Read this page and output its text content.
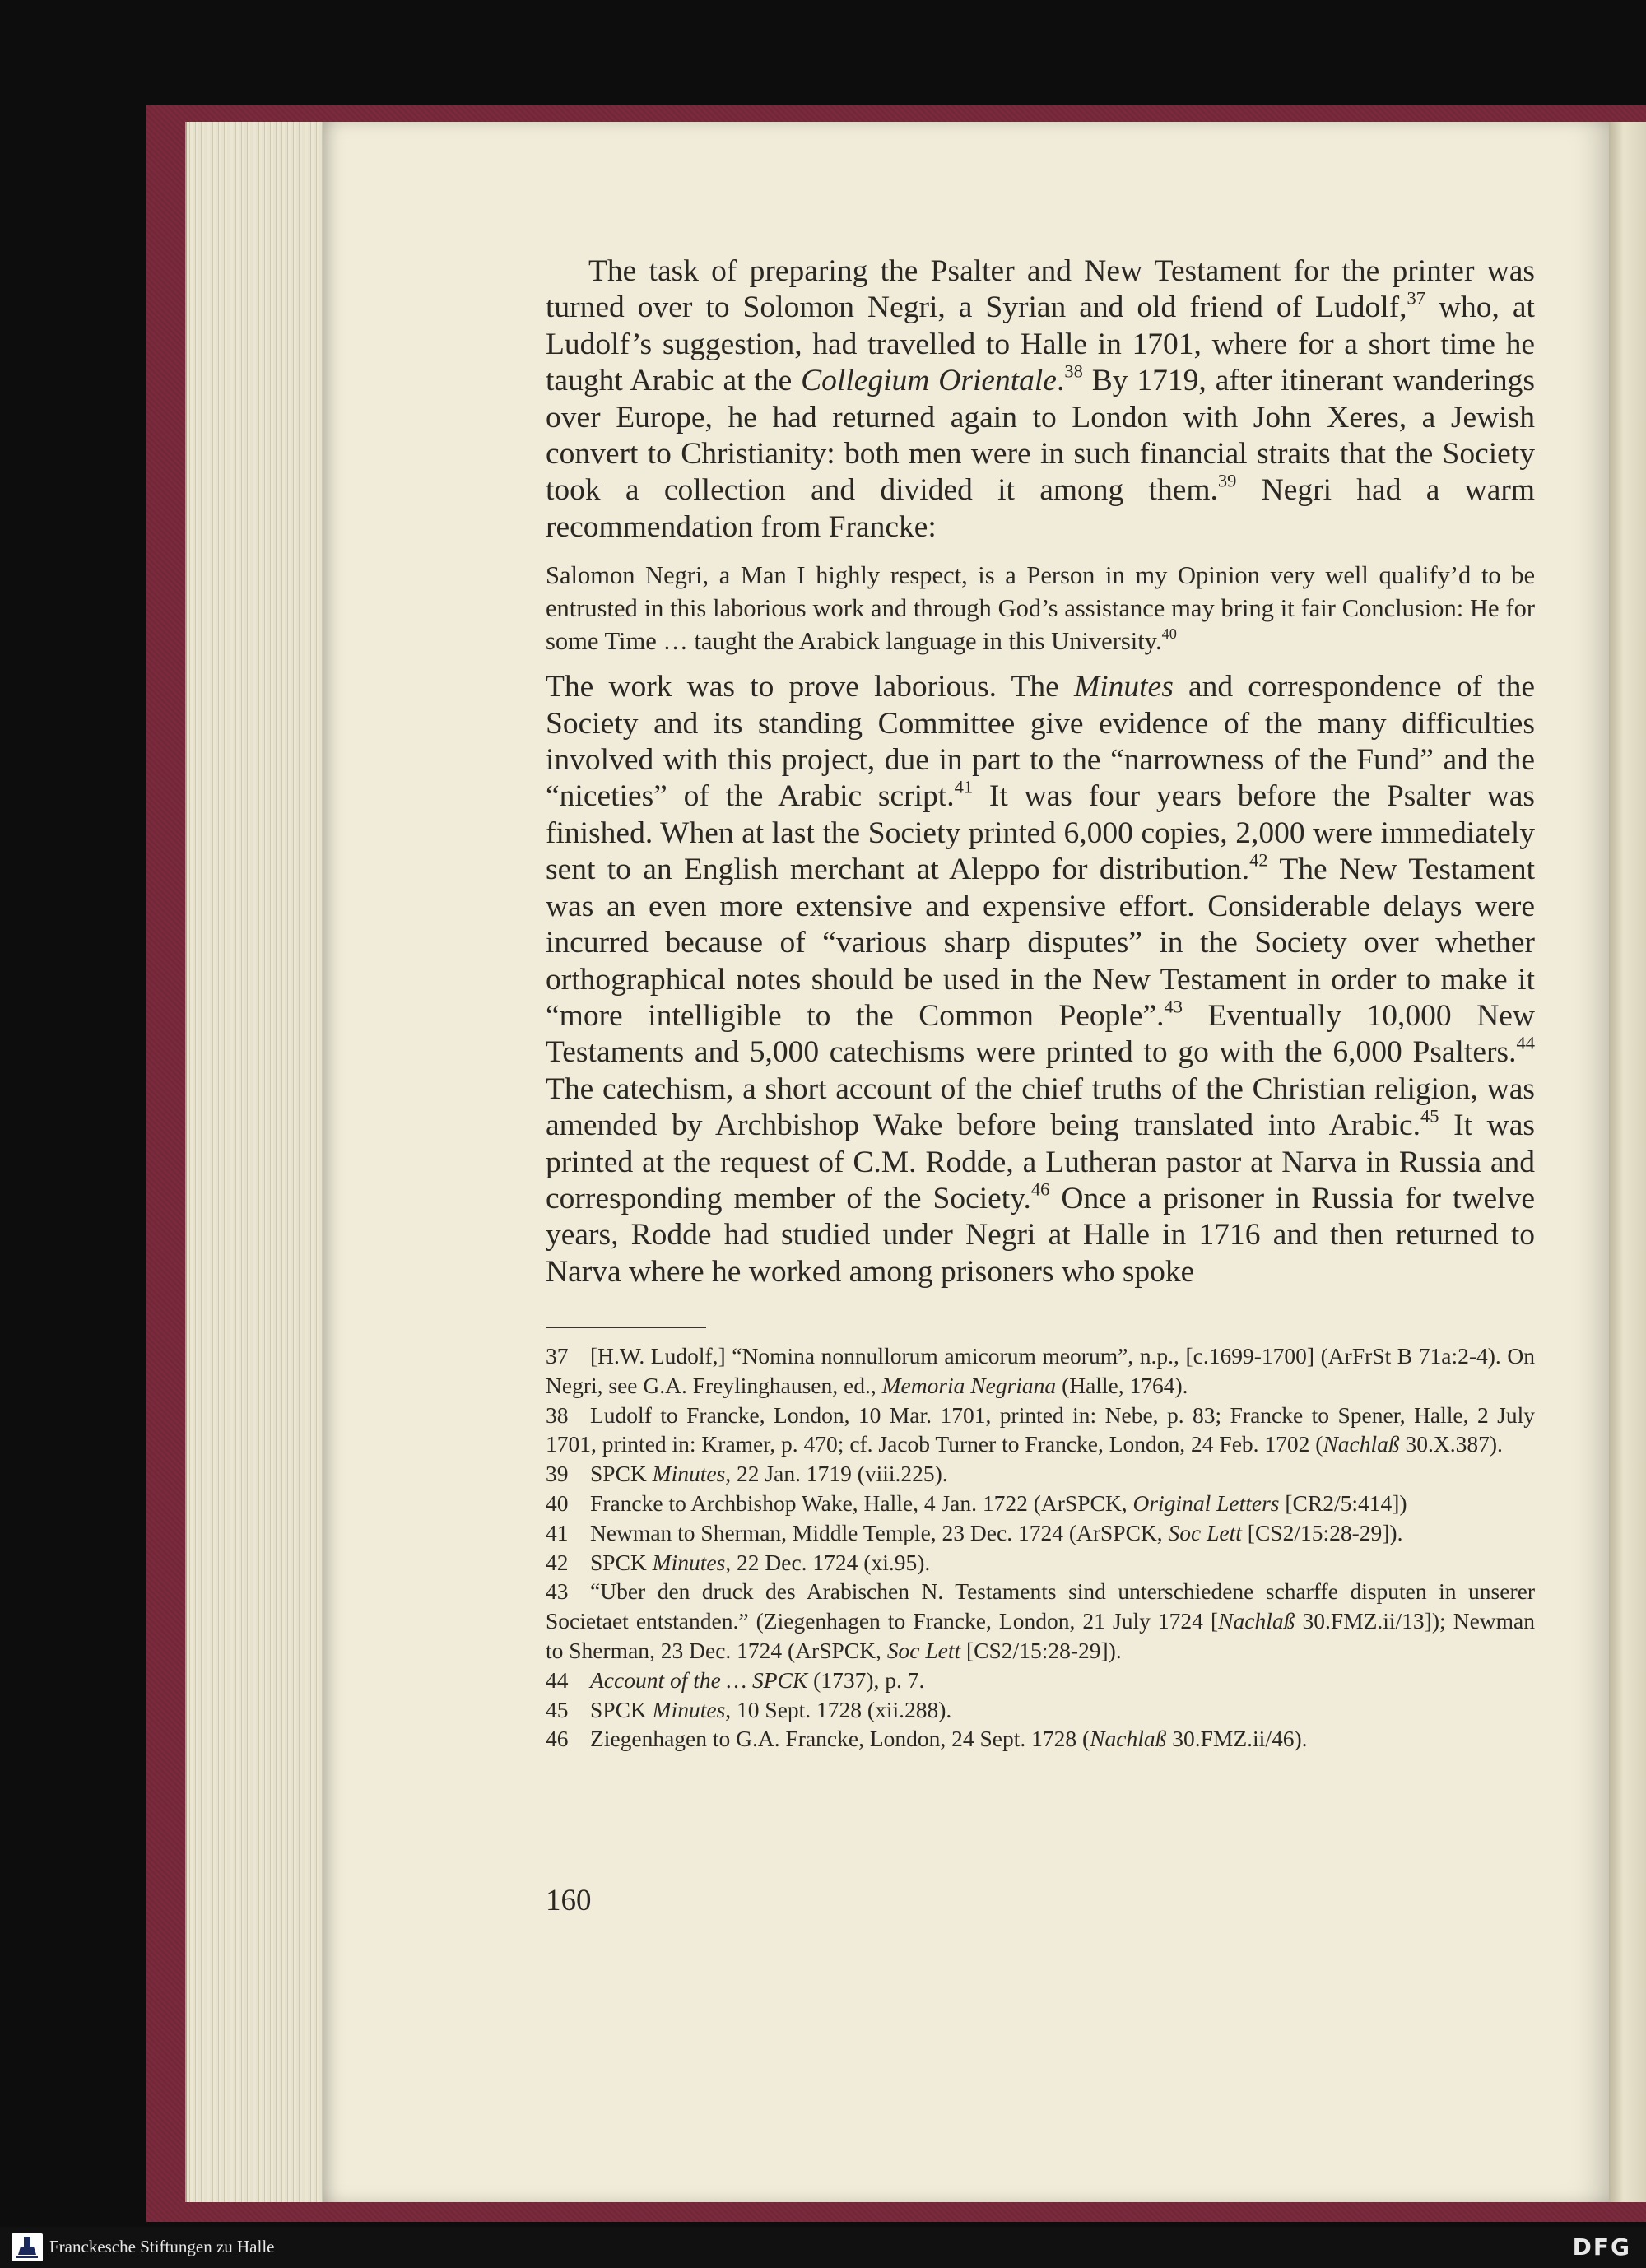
The task of preparing the Psalter and New Testament for the printer was turned over to Solomon Negri, a Syrian and old friend of Ludolf,$^{37}$ who, at Ludolf’s suggestion, had travelled to Halle in 1701, where for a short time he taught Arabic at the Collegium Orientale.$^{38}$ By 1719, after itinerant wanderings over Europe, he had returned again to London with John Xeres, a Jewish convert to Christianity: both men were in such financial straits that the Society took a collection and divided it among them.$^{39}$ Negri had a warm recommendation from Francke:

Salomon Negri, a Man I highly respect, is a Person in my Opinion very well qualify’d to be entrusted in this laborious work and through God’s assistance may bring it fair Conclusion: He for some Time … taught the Arabick language in this University.$^{40}$

The work was to prove laborious. The Minutes and correspondence of the Society and its standing Committee give evidence of the many difficulties involved with this project, due in part to the “narrowness of the Fund” and the “niceties” of the Arabic script.$^{41}$ It was four years before the Psalter was finished. When at last the Society printed 6,000 copies, 2,000 were immediately sent to an English merchant at Aleppo for distribution.$^{42}$ The New Testament was an even more extensive and expensive effort. Considerable delays were incurred because of “various sharp disputes” in the Society over whether orthographical notes should be used in the New Testament in order to make it “more intelligible to the Common People”.$^{43}$ Eventually 10,000 New Testaments and 5,000 catechisms were printed to go with the 6,000 Psalters.$^{44}$ The catechism, a short account of the chief truths of the Christian religion, was amended by Archbishop Wake before being translated into Arabic.$^{45}$ It was printed at the request of C.M. Rodde, a Lutheran pastor at Narva in Russia and corresponding member of the Society.$^{46}$ Once a prisoner in Russia for twelve years, Rodde had studied under Negri at Halle in 1716 and then returned to Narva where he worked among prisoners who spoke

37 [H.W. Ludolf,] “Nomina nonnullorum amicorum meorum”, n.p., [c.1699-1700] (ArFrSt B 71a:2-4). On Negri, see G.A. Freylinghausen, ed., Memoria Negriana (Halle, 1764).

38 Ludolf to Francke, London, 10 Mar. 1701, printed in: Nebe, p. 83; Francke to Spener, Halle, 2 July 1701, printed in: Kramer, p. 470; cf. Jacob Turner to Francke, London, 24 Feb. 1702 (Nachlaß 30.X.387).

39 SPCK Minutes, 22 Jan. 1719 (viii.225).

40 Francke to Archbishop Wake, Halle, 4 Jan. 1722 (ArSPCK, Original Letters [CR2/5:414])

41 Newman to Sherman, Middle Temple, 23 Dec. 1724 (ArSPCK, Soc Lett [CS2/15:28-29]).

42 SPCK Minutes, 22 Dec. 1724 (xi.95).

43 “Uber den druck des Arabischen N. Testaments sind unterschiedene scharffe disputen in unserer Societaet entstanden.” (Ziegenhagen to Francke, London, 21 July 1724 [Nachlaß 30.FMZ.ii/13]); Newman to Sherman, 23 Dec. 1724 (ArSPCK, Soc Lett [CS2/15:28-29]).

44 Account of the … SPCK (1737), p. 7.

45 SPCK Minutes, 10 Sept. 1728 (xii.288).

46 Ziegenhagen to G.A. Francke, London, 24 Sept. 1728 (Nachlaß 30.FMZ.ii/46).

160
Franckesche Stiftungen zu Halle	DFG
